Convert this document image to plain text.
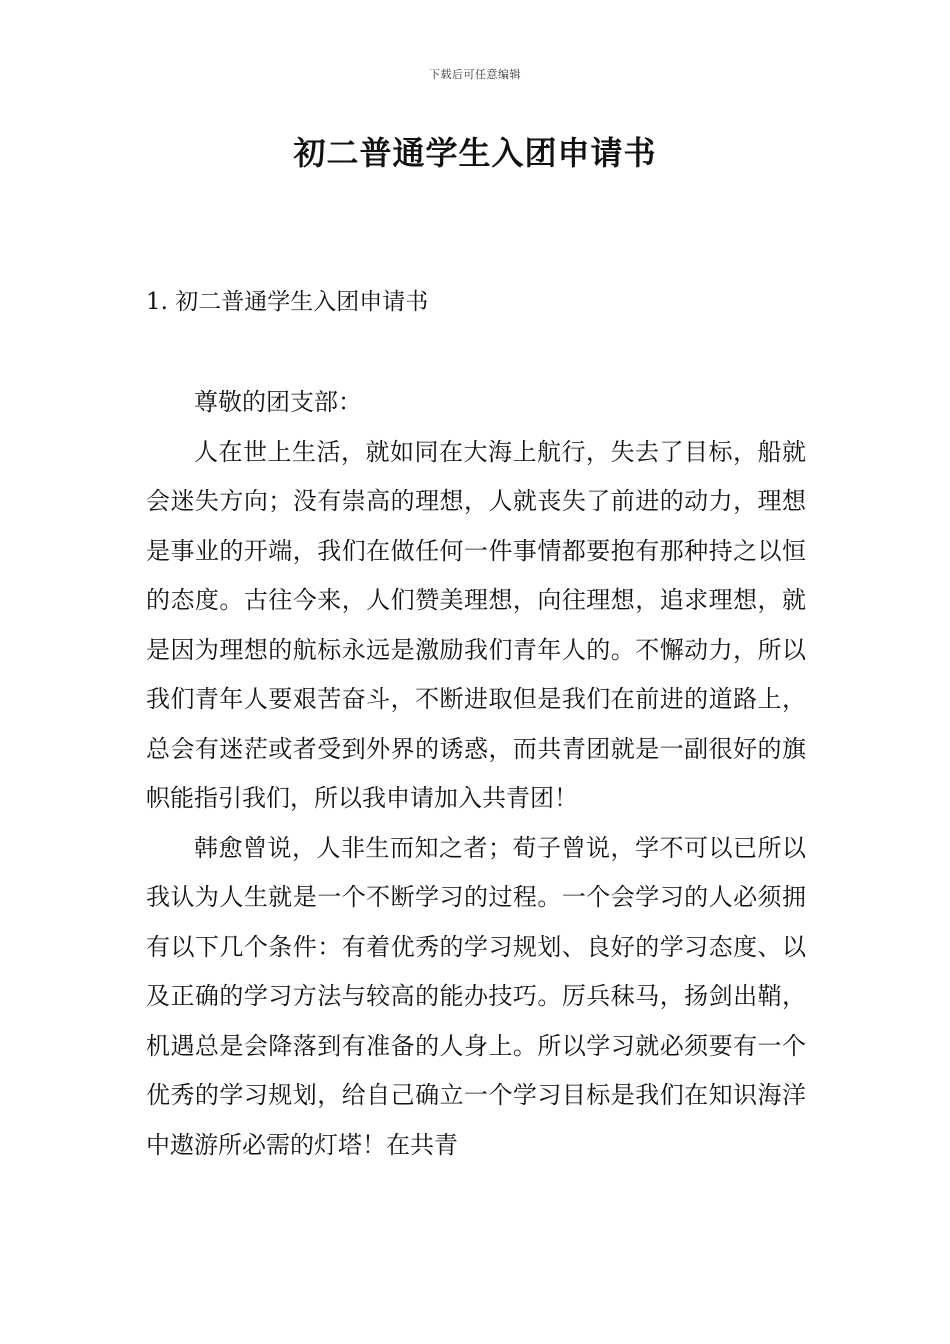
下载后可任意编辑
初二普通学生入团申请书
1. 初二普通学生入团申请书

尊敬的团支部：

人在世上生活，就如同在大海上航行，失去了目标，船就会迷失方向；没有崇高的理想，人就丧失了前进的动力，理想是事业的开端，我们在做任何一件事情都要抱有那种持之以恒的态度。古往今来，人们赞美理想，向往理想，追求理想，就是因为理想的航标永远是激励我们青年人的。不懈动力，所以我们青年人要艰苦奋斗，不断进取但是我们在前进的道路上，总会有迷茫或者受到外界的诱惑，而共青团就是一副很好的旗帜能指引我们，所以我申请加入共青团！

韩愈曾说，人非生而知之者；荀子曾说，学不可以已所以我认为人生就是一个不断学习的过程。一个会学习的人必须拥有以下几个条件：有着优秀的学习规划、良好的学习态度、以及正确的学习方法与较高的能办技巧。厉兵秣马，扬剑出鞘，机遇总是会降落到有准备的人身上。所以学习就必须要有一个优秀的学习规划，给自己确立一个学习目标是我们在知识海洋中遨游所必需的灯塔！在共青
